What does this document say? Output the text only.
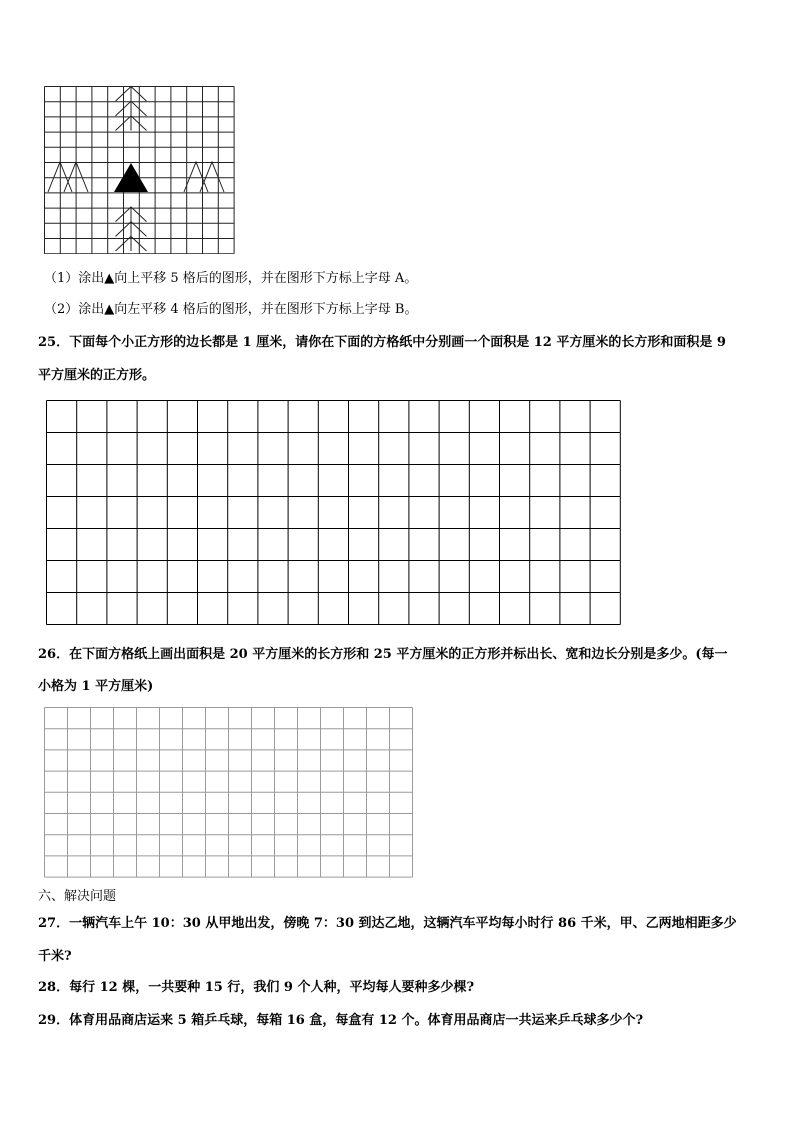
（1）涂出▲向上平移 5 格后的图形，并在图形下方标上字母 A。
（2）涂出▲向左平移 4 格后的图形，并在图形下方标上字母 B。
25．下面每个小正方形的边长都是 1 厘米，请你在下面的方格纸中分别画一个面积是 12 平方厘米的长方形和面积是 9
平方厘米的正方形。
26．在下面方格纸上画出面积是 20 平方厘米的长方形和 25 平方厘米的正方形并标出长、宽和边长分别是多少。(每一
小格为 1 平方厘米)
六、解决问题
27．一辆汽车上午 10：30 从甲地出发，傍晚 7：30 到达乙地，这辆汽车平均每小时行 86 千米，甲、乙两地相距多少
千米?
28．每行 12 棵，一共要种 15 行，我们 9 个人种，平均每人要种多少棵?
29．体育用品商店运来 5 箱乒乓球，每箱 16 盒，每盒有 12 个。体育用品商店一共运来乒乓球多少个?
